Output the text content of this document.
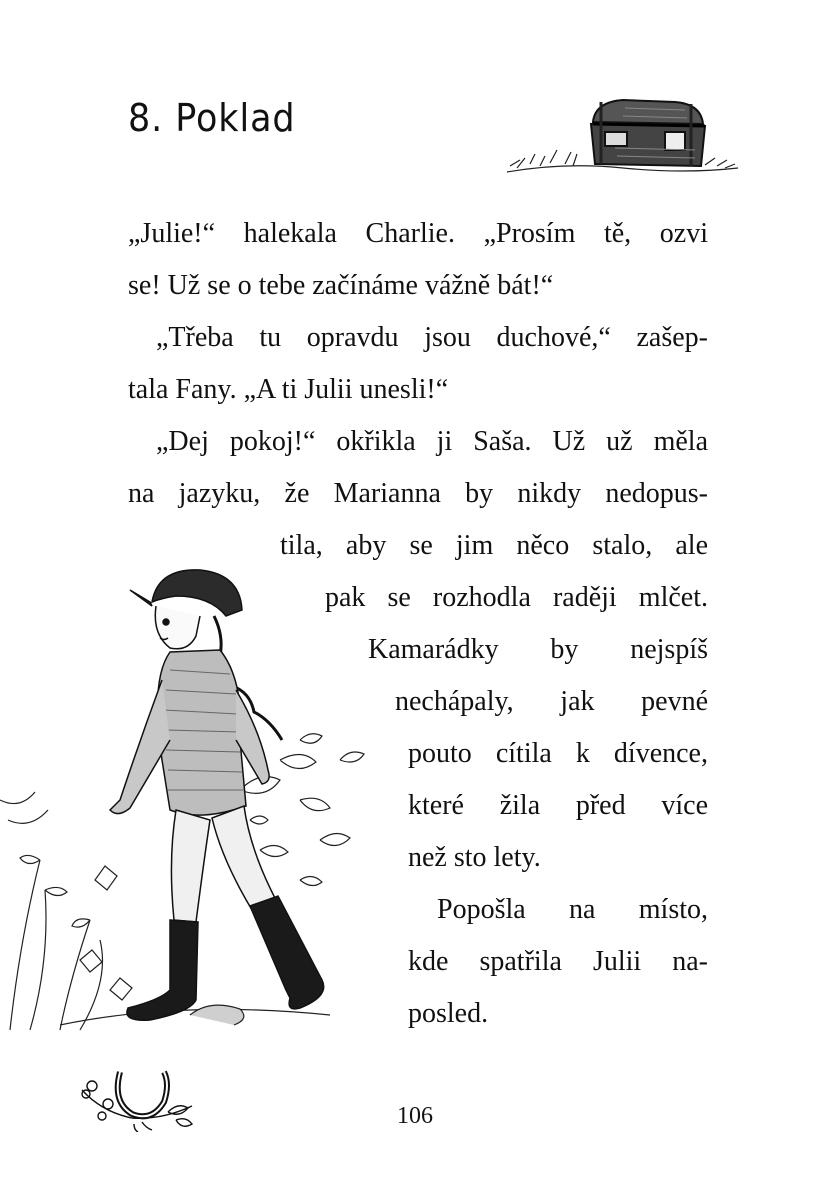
8. Poklad
„Julie!“ halekala Charlie. „Prosím tě, ozvi
se! Už se o tebe začínáme vážně bát!“
„Třeba tu opravdu jsou duchové,“ zašep-
tala Fany. „A ti Julii unesli!“
„Dej pokoj!“ okřikla ji Saša. Už už měla
na jazyku, že Marianna by nikdy nedopus-
tila, aby se jim něco stalo, ale
pak se rozhodla raději mlčet.
Kamarádky by nejspíš
nechápaly, jak pevné
pouto cítila k dívence,
které žila před více
než sto lety.
Popošla na místo,
kde spatřila Julii na-
posled.
106
